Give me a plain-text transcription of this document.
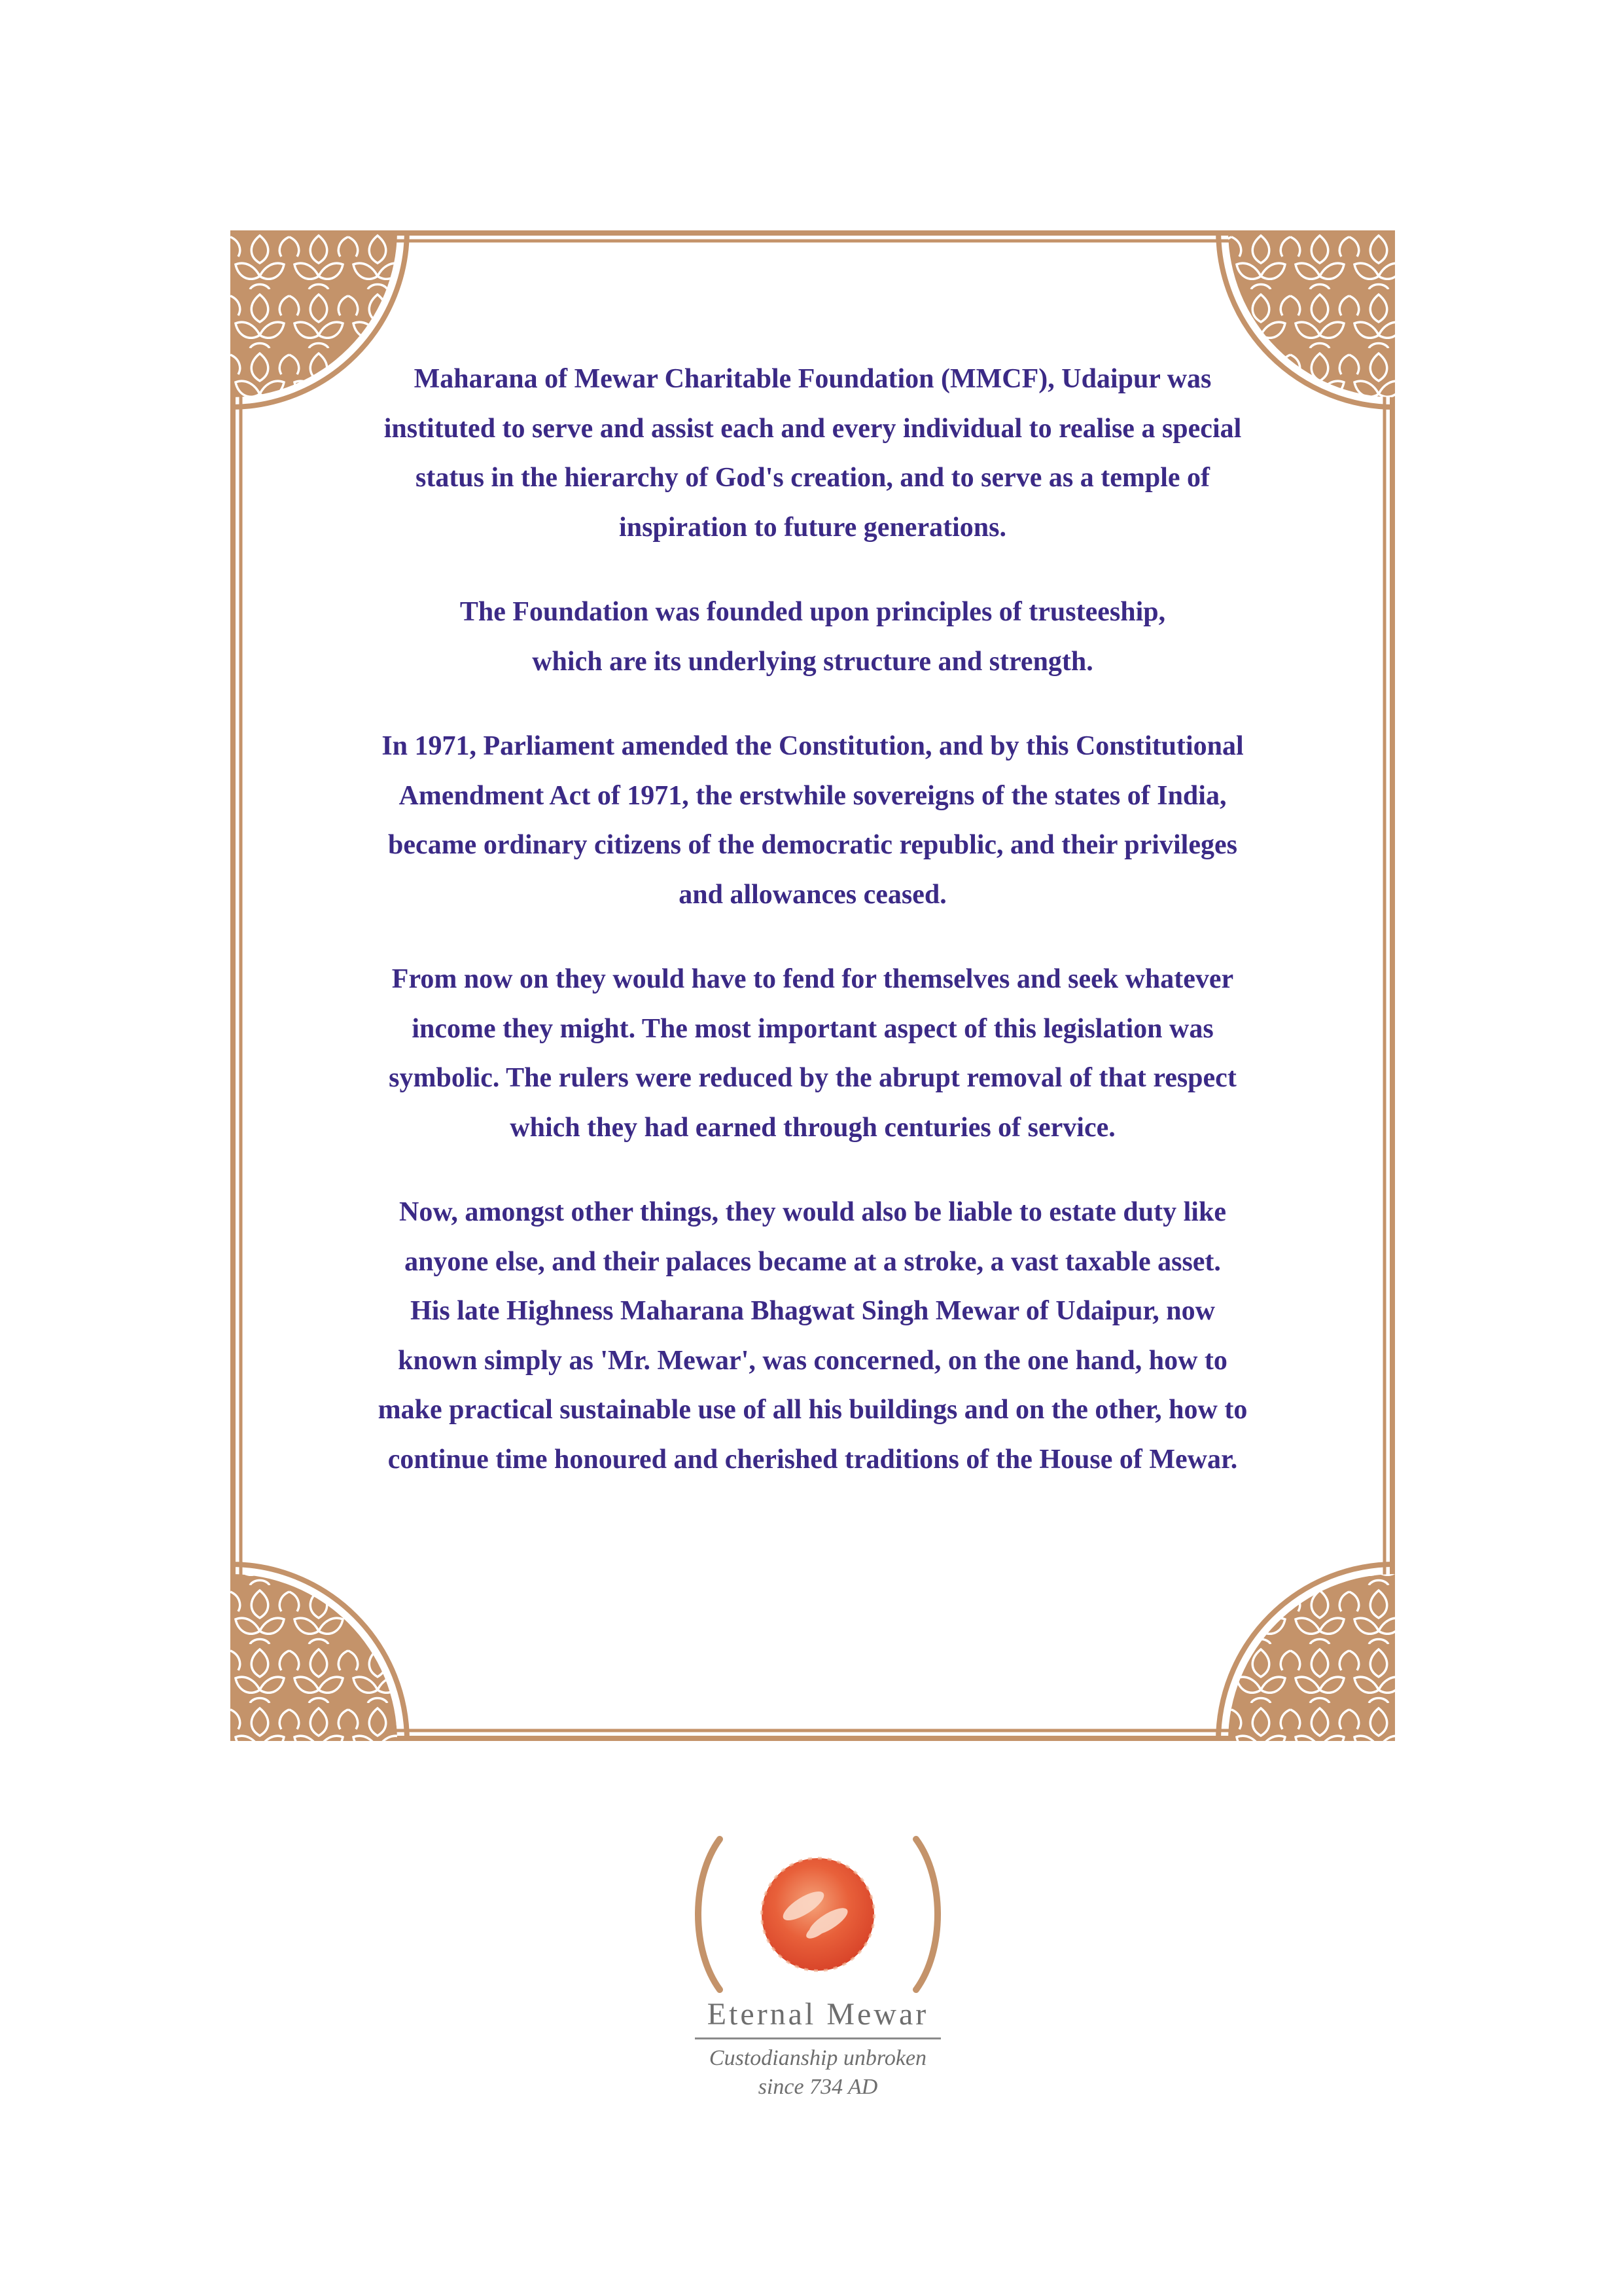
Maharana of Mewar Charitable Foundation (MMCF), Udaipur was
instituted to serve and assist each and every individual to realise a special
status in the hierarchy of God's creation, and to serve as a temple of
inspiration to future generations.

The Foundation was founded upon principles of trusteeship,
which are its underlying structure and strength.

In 1971, Parliament amended the Constitution, and by this Constitutional
Amendment Act of 1971, the erstwhile sovereigns of the states of India,
became ordinary citizens of the democratic republic, and their privileges
and allowances ceased.

From now on they would have to fend for themselves and seek whatever
income they might. The most important aspect of this legislation was
symbolic. The rulers were reduced by the abrupt removal of that respect
which they had earned through centuries of service.

Now, amongst other things, they would also be liable to estate duty like
anyone else, and their palaces became at a stroke, a vast taxable asset.
His late Highness Maharana Bhagwat Singh Mewar of Udaipur, now
known simply as 'Mr. Mewar', was concerned, on the one hand, how to
make practical sustainable use of all his buildings and on the other, how to
continue time honoured and cherished traditions of the House of Mewar.

Eternal Mewar
Custodianship unbroken
since 734 AD
